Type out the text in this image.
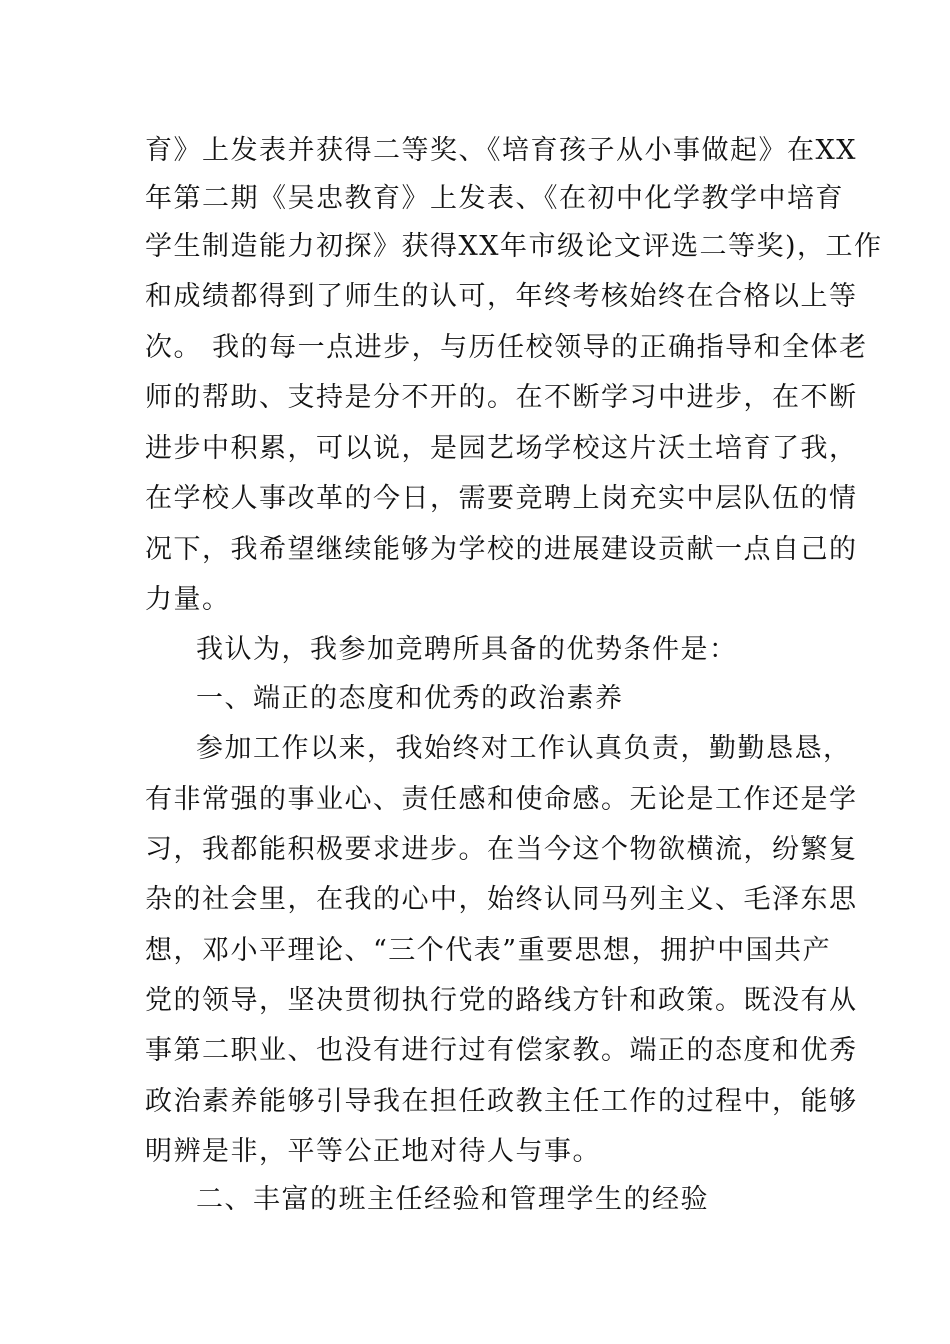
育》上发表并获得二等奖、《培育孩子从小事做起》在XX
年第二期《吴忠教育》上发表、《在初中化学教学中培育
学生制造能力初探》获得XX年市级论文评选二等奖)，工作
和成绩都得到了师生的认可，年终考核始终在合格以上等
次。 我的每一点进步，与历任校领导的正确指导和全体老
师的帮助、支持是分不开的。在不断学习中进步，在不断
进步中积累，可以说，是园艺场学校这片沃土培育了我，
在学校人事改革的今日，需要竞聘上岗充实中层队伍的情
况下，我希望继续能够为学校的进展建设贡献一点自己的
力量。
我认为，我参加竞聘所具备的优势条件是：
一、端正的态度和优秀的政治素养
参加工作以来，我始终对工作认真负责，勤勤恳恳，
有非常强的事业心、责任感和使命感。无论是工作还是学
习，我都能积极要求进步。在当今这个物欲横流，纷繁复
杂的社会里，在我的心中，始终认同马列主义、毛泽东思
想，邓小平理论、“三个代表”重要思想，拥护中国共产
党的领导，坚决贯彻执行党的路线方针和政策。既没有从
事第二职业、也没有进行过有偿家教。端正的态度和优秀
政治素养能够引导我在担任政教主任工作的过程中，能够
明辨是非，平等公正地对待人与事。
二、丰富的班主任经验和管理学生的经验
